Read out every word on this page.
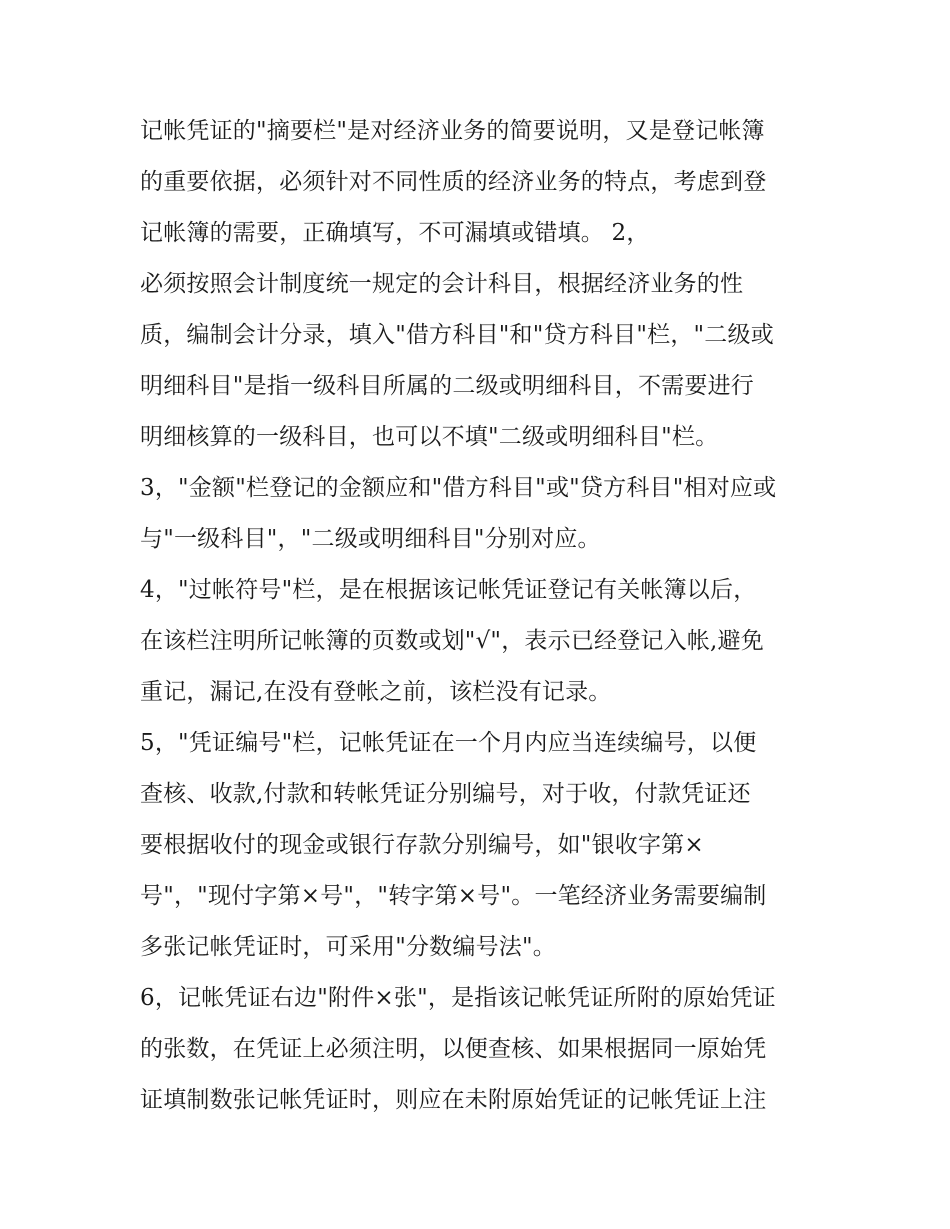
记帐凭证的"摘要栏"是对经济业务的简要说明，又是登记帐簿
的重要依据，必须针对不同性质的经济业务的特点，考虑到登
记帐簿的需要，正确填写，不可漏填或错填。 2，
必须按照会计制度统一规定的会计科目，根据经济业务的性
质，编制会计分录，填入"借方科目"和"贷方科目"栏，"二级或
明细科目"是指一级科目所属的二级或明细科目，不需要进行
明细核算的一级科目，也可以不填"二级或明细科目"栏。
3，"金额"栏登记的金额应和"借方科目"或"贷方科目"相对应或
与"一级科目"，"二级或明细科目"分别对应。
4，"过帐符号"栏，是在根据该记帐凭证登记有关帐簿以后，
在该栏注明所记帐簿的页数或划"√"，表示已经登记入帐,避免
重记，漏记,在没有登帐之前，该栏没有记录。
5，"凭证编号"栏，记帐凭证在一个月内应当连续编号，以便
查核、收款,付款和转帐凭证分别编号，对于收，付款凭证还
要根据收付的现金或银行存款分别编号，如"银收字第×
号"，"现付字第×号"，"转字第×号"。一笔经济业务需要编制
多张记帐凭证时，可采用"分数编号法"。
6，记帐凭证右边"附件×张"，是指该记帐凭证所附的原始凭证
的张数，在凭证上必须注明，以便查核、如果根据同一原始凭
证填制数张记帐凭证时，则应在未附原始凭证的记帐凭证上注
